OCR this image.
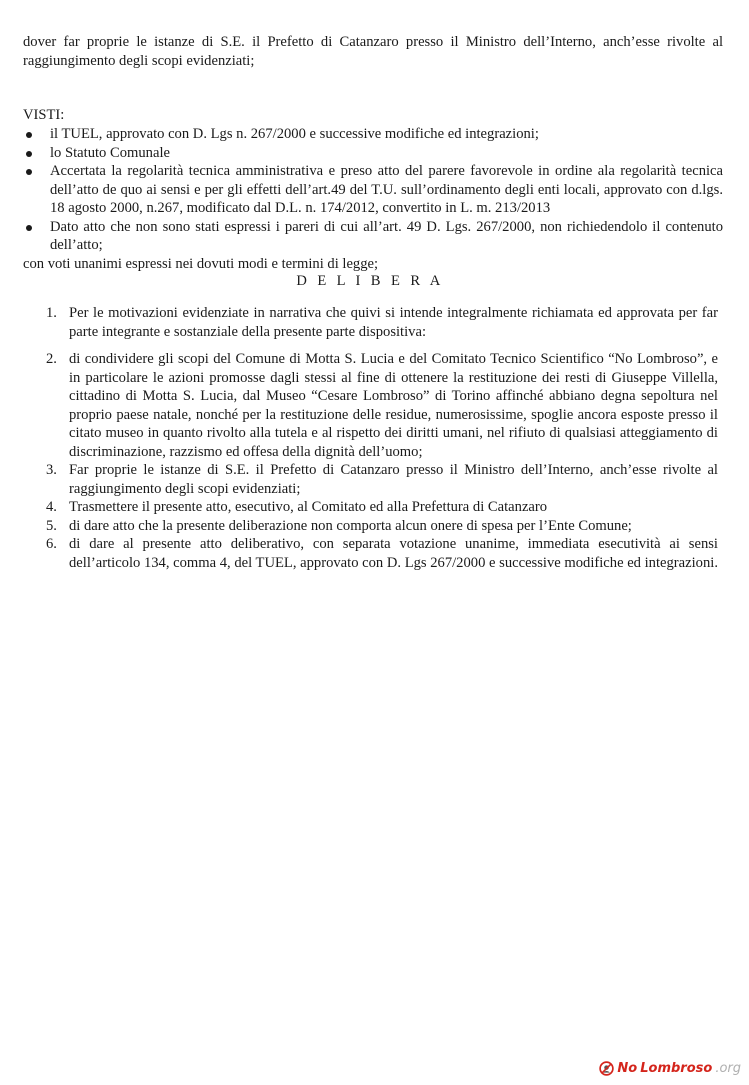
dover far proprie le istanze di S.E. il Prefetto di Catanzaro presso il Ministro dell’Interno, anch’esse rivolte al raggiungimento degli scopi evidenziati;

VISTI:

il TUEL, approvato con D. Lgs n. 267/2000 e successive modifiche ed integrazioni;
lo Statuto Comunale
Accertata la regolarità tecnica amministrativa e preso atto del parere favorevole in ordine ala regolarità tecnica dell’atto de quo ai sensi e per gli effetti dell’art.49 del T.U. sull’ordinamento degli enti locali, approvato con d.lgs. 18 agosto 2000, n.267, modificato dal D.L. n. 174/2012, convertito in L. m. 213/2013
Dato atto che non sono stati espressi i pareri di cui all’art. 49 D. Lgs. 267/2000, non richiedendolo il contenuto dell’atto;

con voti unanimi espressi nei dovuti modi e termini di legge;

D E L I B E R A

1. Per le motivazioni evidenziate in narrativa che quivi si intende integralmente richiamata ed approvata per far parte integrante e sostanziale della presente parte dispositiva:
2. di condividere gli scopi del Comune di Motta S. Lucia e del Comitato Tecnico Scientifico “No Lombroso”, e in particolare le azioni promosse dagli stessi al fine di ottenere la restituzione dei resti di Giuseppe Villella, cittadino di Motta S. Lucia, dal Museo “Cesare Lombroso” di Torino affinché abbiano degna sepoltura nel proprio paese natale, nonché per la restituzione delle residue, numerosissime, spoglie ancora esposte presso il citato museo in quanto rivolto alla tutela e al rispetto dei diritti umani, nel rifiuto di qualsiasi atteggiamento di discriminazione, razzismo ed offesa della dignità dell’uomo;
3. Far proprie le istanze di S.E. il Prefetto di Catanzaro presso il Ministro dell’Interno, anch’esse rivolte al raggiungimento degli scopi evidenziati;
4. Trasmettere il presente atto, esecutivo, al Comitato ed alla Prefettura di Catanzaro
5. di dare atto che la presente deliberazione non comporta alcun onere di spesa per l’Ente Comune;
6. di dare al presente atto deliberativo, con separata votazione unanime, immediata esecutività ai sensi dell’articolo 134, comma 4, del TUEL, approvato con D. Lgs 267/2000 e successive modifiche ed integrazioni.
No Lombroso .org
